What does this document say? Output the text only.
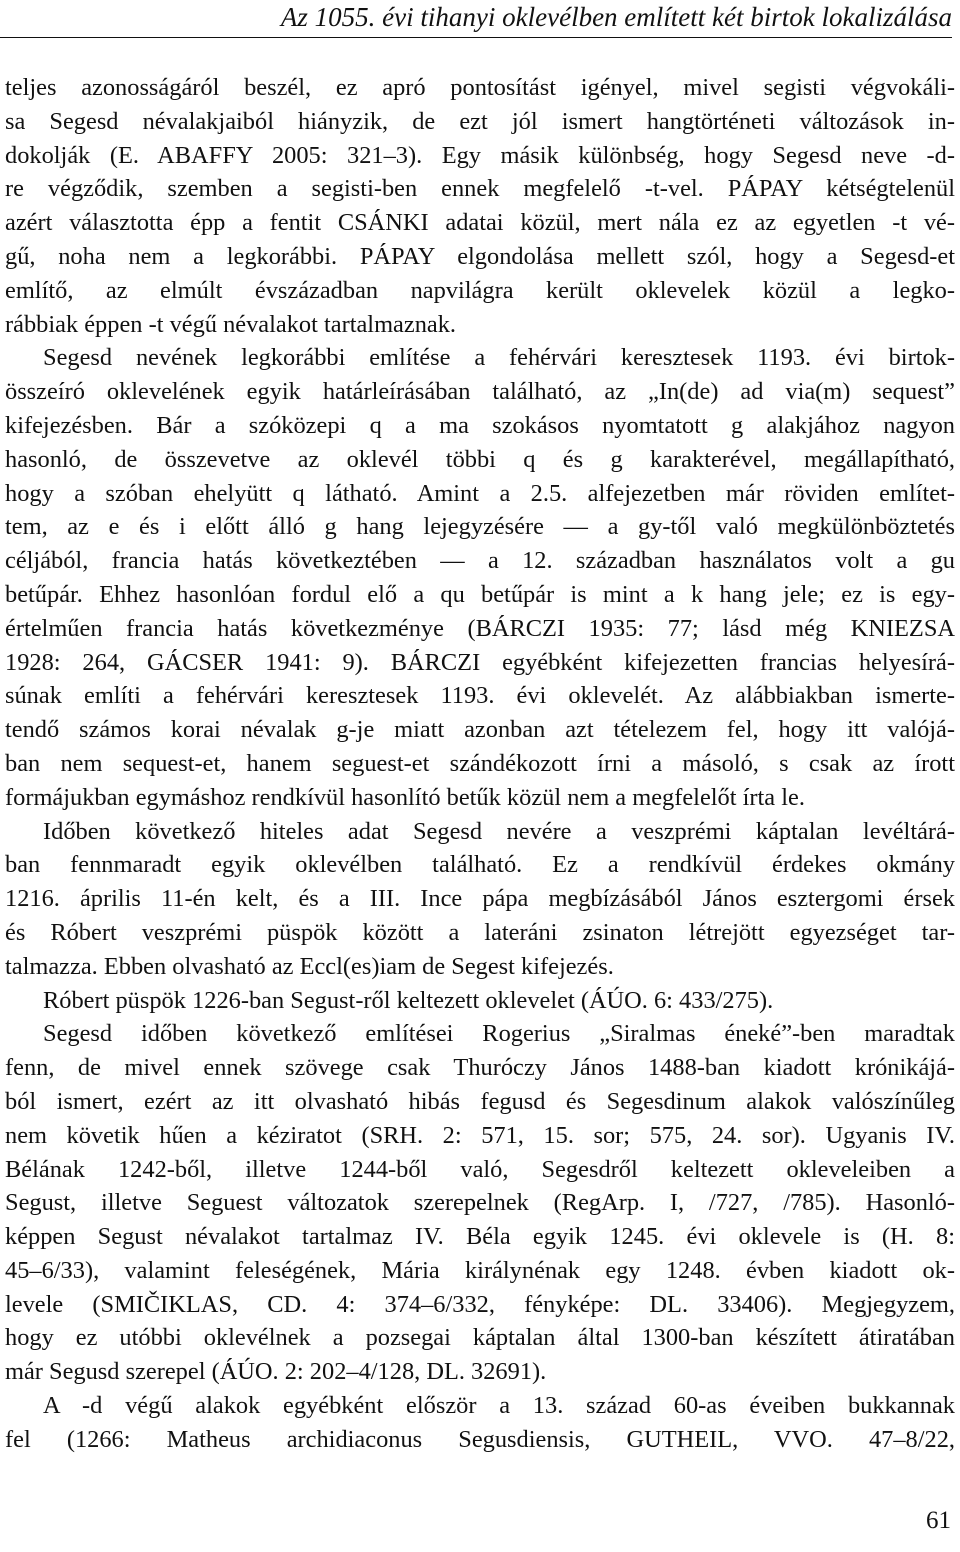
Az 1055. évi tihanyi oklevélben említett két birtok lokalizálása
teljes azonosságáról beszél, ez apró pontosítást igényel, mivel segisti végvokáli-
sa Segesd névalakjaiból hiányzik, de ezt jól ismert hangtörténeti változások in-
dokolják (E. ABAFFY 2005: 321–3). Egy másik különbség, hogy Segesd neve -d-
re végződik, szemben a segisti-ben ennek megfelelő -t-vel. PÁPAY kétségtelenül
azért választotta épp a fentit CSÁNKI adatai közül, mert nála ez az egyetlen -t vé-
gű, noha nem a legkorábbi. PÁPAY elgondolása mellett szól, hogy a Segesd-et
említő, az elmúlt évszázadban napvilágra került oklevelek közül a legko-
rábbiak éppen -t végű névalakot tartalmaznak.
Segesd nevének legkorábbi említése a fehérvári keresztesek 1193. évi birtok-
összeíró oklevelének egyik határleírásában található, az „In(de) ad via(m) sequest”
kifejezésben. Bár a szóközepi q a ma szokásos nyomtatott g alakjához nagyon
hasonló, de összevetve az oklevél többi q és g karakterével, megállapítható,
hogy a szóban ehelyütt q látható. Amint a 2.5. alfejezetben már röviden említet-
tem, az e és i előtt álló g hang lejegyzésére — a gy-től való megkülönböztetés
céljából, francia hatás következtében — a 12. században használatos volt a gu
betűpár. Ehhez hasonlóan fordul elő a qu betűpár is mint a k hang jele; ez is egy-
értelműen francia hatás következménye (BÁRCZI 1935: 77; lásd még KNIEZSA
1928: 264, GÁCSER 1941: 9). BÁRCZI egyébként kifejezetten francias helyesírá-
súnak említi a fehérvári keresztesek 1193. évi oklevelét. Az alábbiakban ismerte-
tendő számos korai névalak g-je miatt azonban azt tételezem fel, hogy itt valójá-
ban nem sequest-et, hanem seguest-et szándékozott írni a másoló, s csak az írott
formájukban egymáshoz rendkívül hasonlító betűk közül nem a megfelelőt írta le.
Időben következő hiteles adat Segesd nevére a veszprémi káptalan levéltárá-
ban fennmaradt egyik oklevélben található. Ez a rendkívül érdekes okmány
1216. április 11-én kelt, és a III. Ince pápa megbízásából János esztergomi érsek
és Róbert veszprémi püspök között a lateráni zsinaton létrejött egyezséget tar-
talmazza. Ebben olvasható az Eccl(es)iam de Segest kifejezés.
Róbert püspök 1226-ban Segust-ről keltezett oklevelet (ÁÚO. 6: 433/275).
Segesd időben következő említései Rogerius „Siralmas éneké”-ben maradtak
fenn, de mivel ennek szövege csak Thuróczy János 1488-ban kiadott krónikájá-
ból ismert, ezért az itt olvasható hibás fegusd és Segesdinum alakok valószínűleg
nem követik hűen a kéziratot (SRH. 2: 571, 15. sor; 575, 24. sor). Ugyanis IV.
Bélának 1242-ből, illetve 1244-ből való, Segesdről keltezett okleveleiben a
Segust, illetve Seguest változatok szerepelnek (RegArp. I, /727, /785). Hasonló-
képpen Segust névalakot tartalmaz IV. Béla egyik 1245. évi oklevele is (H. 8:
45–6/33), valamint feleségének, Mária királynénak egy 1248. évben kiadott ok-
levele (SMIČIKLAS, CD. 4: 374–6/332, fényképe: DL. 33406). Megjegyzem,
hogy ez utóbbi oklevélnek a pozsegai káptalan által 1300-ban készített átiratában
már Segusd szerepel (ÁÚO. 2: 202–4/128, DL. 32691).
A -d végű alakok egyébként először a 13. század 60-as éveiben bukkannak
fel (1266: Matheus archidiaconus Segusdiensis, GUTHEIL, VVO. 47–8/22,
61
